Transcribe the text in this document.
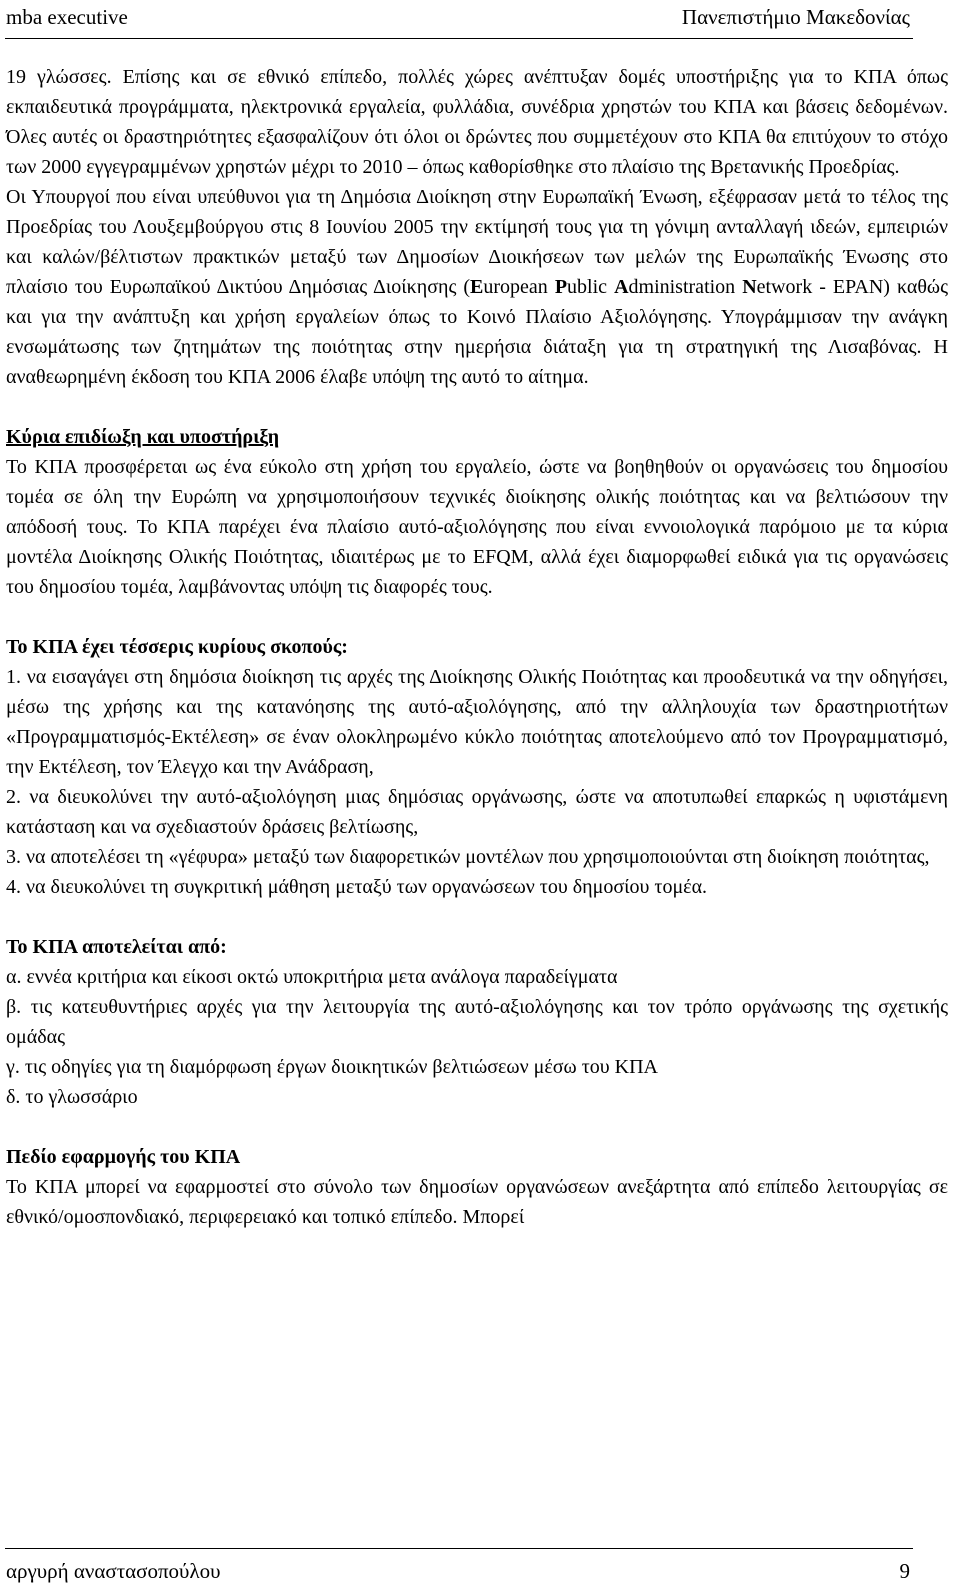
mba executive	Πανεπιστήμιο Μακεδονίας

19 γλώσσες. Επίσης και σε εθνικό επίπεδο, πολλές χώρες ανέπτυξαν δομές υποστήριξης για το ΚΠΑ όπως εκπαιδευτικά προγράμματα, ηλεκτρονικά εργαλεία, φυλλάδια, συνέδρια χρηστών του ΚΠΑ και βάσεις δεδομένων. Όλες αυτές οι δραστηριότητες εξασφαλίζουν ότι όλοι οι δρώντες που συμμετέχουν στο ΚΠΑ θα επιτύχουν το στόχο των 2000 εγγεγραμμένων χρηστών μέχρι το 2010 – όπως καθορίσθηκε στο πλαίσιο της Βρετανικής Προεδρίας.

Οι Υπουργοί που είναι υπεύθυνοι για τη Δημόσια Διοίκηση στην Ευρωπαϊκή Ένωση, εξέφρασαν μετά το τέλος της Προεδρίας του Λουξεμβούργου στις 8 Ιουνίου 2005 την εκτίμησή τους για τη γόνιμη ανταλλαγή ιδεών, εμπειριών και καλών/βέλτιστων πρακτικών μεταξύ των Δημοσίων Διοικήσεων των μελών της Ευρωπαϊκής Ένωσης στο πλαίσιο του Ευρωπαϊκού Δικτύου Δημόσιας Διοίκησης (European Public Administration Network - EPAN) καθώς και για την ανάπτυξη και χρήση εργαλείων όπως το Κοινό Πλαίσιο Αξιολόγησης. Υπογράμμισαν την ανάγκη ενσωμάτωσης των ζητημάτων της ποιότητας στην ημερήσια διάταξη για τη στρατηγική της Λισαβόνας. Η αναθεωρημένη έκδοση του ΚΠΑ 2006 έλαβε υπόψη της αυτό το αίτημα.

Κύρια επιδίωξη και υποστήριξη

Το ΚΠΑ προσφέρεται ως ένα εύκολο στη χρήση του εργαλείο, ώστε να βοηθηθούν οι οργανώσεις του δημοσίου τομέα σε όλη την Ευρώπη να χρησιμοποιήσουν τεχνικές διοίκησης ολικής ποιότητας και να βελτιώσουν την απόδοσή τους. Το ΚΠΑ παρέχει ένα πλαίσιο αυτό-αξιολόγησης που είναι εννοιολογικά παρόμοιο με τα κύρια μοντέλα Διοίκησης Ολικής Ποιότητας, ιδιαιτέρως με το EFQM, αλλά έχει διαμορφωθεί ειδικά για τις οργανώσεις του δημοσίου τομέα, λαμβάνοντας υπόψη τις διαφορές τους.

Το ΚΠΑ έχει τέσσερις κυρίους σκοπούς:

1. να εισαγάγει στη δημόσια διοίκηση τις αρχές της Διοίκησης Ολικής Ποιότητας και προοδευτικά να την οδηγήσει, μέσω της χρήσης και της κατανόησης της αυτό-αξιολόγησης, από την αλληλουχία των δραστηριοτήτων «Προγραμματισμός-Εκτέλεση» σε έναν ολοκληρωμένο κύκλο ποιότητας αποτελούμενο από τον Προγραμματισμό, την Εκτέλεση, τον Έλεγχο και την Ανάδραση,

2. να διευκολύνει την αυτό-αξιολόγηση μιας δημόσιας οργάνωσης, ώστε να αποτυπωθεί επαρκώς η υφιστάμενη κατάσταση και να σχεδιαστούν δράσεις βελτίωσης,

3. να αποτελέσει τη «γέφυρα» μεταξύ των διαφορετικών μοντέλων που χρησιμοποιούνται στη διοίκηση ποιότητας,

4. να διευκολύνει τη συγκριτική μάθηση μεταξύ των οργανώσεων του δημοσίου τομέα.

Το ΚΠΑ αποτελείται από:

α. εννέα κριτήρια και είκοσι οκτώ υποκριτήρια μετα ανάλογα παραδείγματα

β. τις κατευθυντήριες αρχές για την λειτουργία της αυτό-αξιολόγησης και τον τρόπο οργάνωσης της σχετικής ομάδας

γ. τις οδηγίες για τη διαμόρφωση έργων διοικητικών βελτιώσεων μέσω του ΚΠΑ

δ. το γλωσσάριο

Πεδίο εφαρμογής του ΚΠΑ

Το ΚΠΑ μπορεί να εφαρμοστεί στο σύνολο των δημοσίων οργανώσεων ανεξάρτητα από επίπεδο λειτουργίας σε εθνικό/ομοσπονδιακό, περιφερειακό και τοπικό επίπεδο. Μπορεί

αργυρή αναστασοπούλου	9
